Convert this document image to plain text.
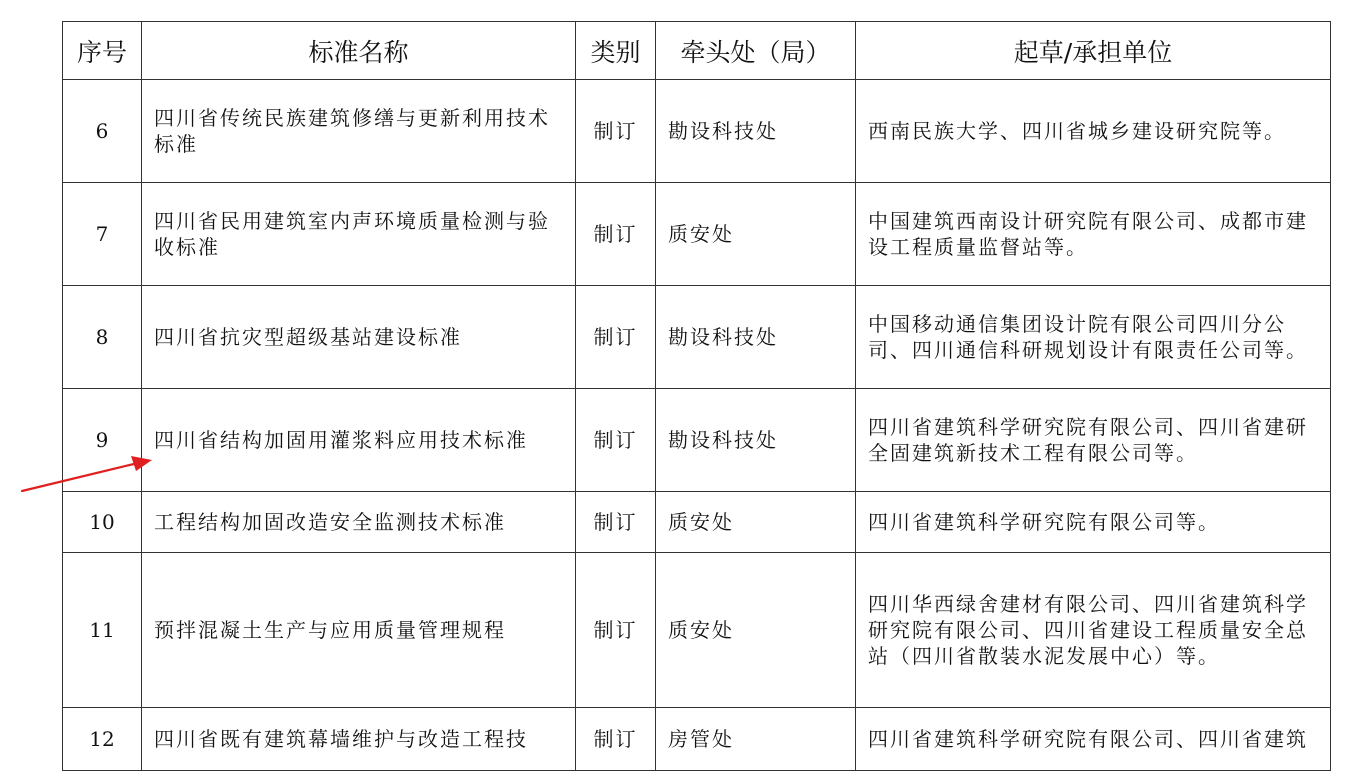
序号	标准名称	类别	牵头处（局）	起草/承担单位
6	四川省传统民族建筑修缮与更新利用技术标准	制订	勘设科技处	西南民族大学、四川省城乡建设研究院等。
7	四川省民用建筑室内声环境质量检测与验收标准	制订	质安处	中国建筑西南设计研究院有限公司、成都市建设工程质量监督站等。
8	四川省抗灾型超级基站建设标准	制订	勘设科技处	中国移动通信集团设计院有限公司四川分公司、四川通信科研规划设计有限责任公司等。
9	四川省结构加固用灌浆料应用技术标准	制订	勘设科技处	四川省建筑科学研究院有限公司、四川省建研全固建筑新技术工程有限公司等。
10	工程结构加固改造安全监测技术标准	制订	质安处	四川省建筑科学研究院有限公司等。
11	预拌混凝土生产与应用质量管理规程	制订	质安处	四川华西绿舍建材有限公司、四川省建筑科学研究院有限公司、四川省建设工程质量安全总站（四川省散装水泥发展中心）等。
12	四川省既有建筑幕墙维护与改造工程技	制订	房管处	四川省建筑科学研究院有限公司、四川省建筑
